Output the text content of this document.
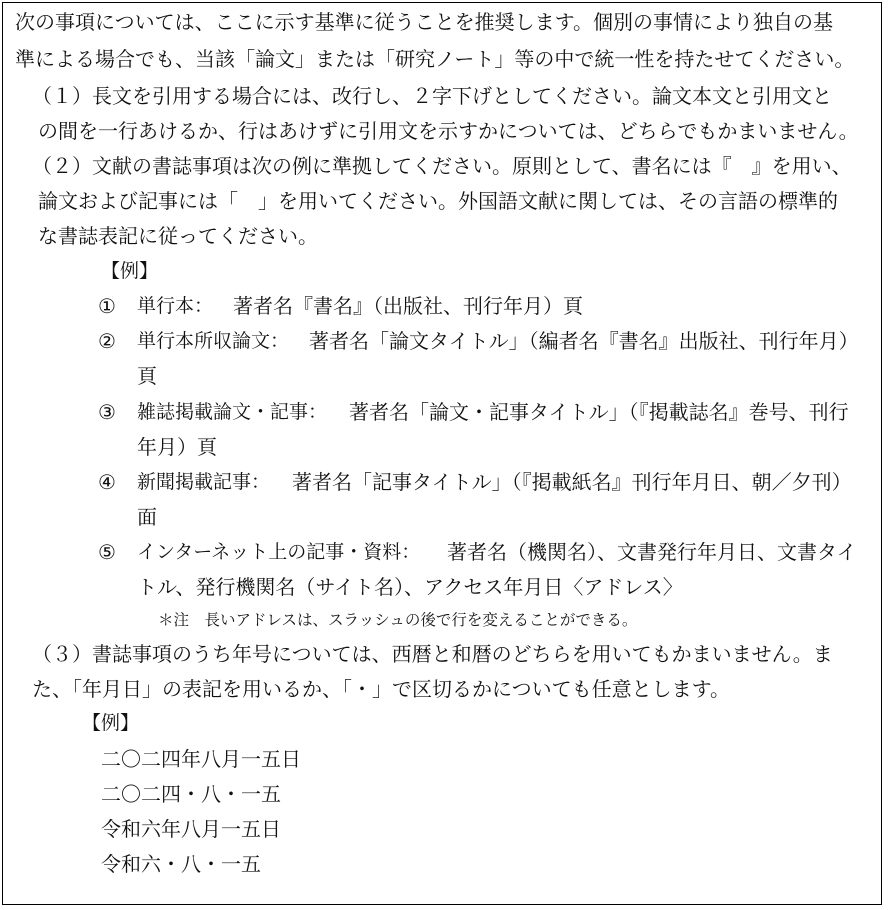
次の事項については、ここに示す基準に従うことを推奨します。個別の事情により独自の基
準による場合でも、当該「論文」または「研究ノート」等の中で統一性を持たせてください。
（１）長文を引用する場合には、改行し、２字下げとしてください。論文本文と引用文と
の間を一行あけるか、行はあけずに引用文を示すかについては、どちらでもかまいません。
（２）文献の書誌事項は次の例に準拠してください。原則として、書名には『　』を用い、
論文および記事には「　」を用いてください。外国語文献に関しては、その言語の標準的
な書誌表記に従ってください。
【例】
① 単行本： 著者名『書名』（出版社、刊行年月）頁
② 単行本所収論文： 著者名「論文タイトル」（編者名『書名』出版社、刊行年月）
頁
③ 雑誌掲載論文・記事： 著者名「論文・記事タイトル」（『掲載誌名』巻号、刊行
年月）頁
④ 新聞掲載記事： 著者名「記事タイトル」（『掲載紙名』刊行年月日、朝／夕刊）
面
⑤ インターネット上の記事・資料： 著者名（機関名）、文書発行年月日、文書タイ
トル、発行機関名（サイト名）、アクセス年月日〈アドレス〉
＊注　長いアドレスは、スラッシュの後で行を変えることができる。
（３）書誌事項のうち年号については、西暦と和暦のどちらを用いてもかまいません。ま
た、「年月日」の表記を用いるか、「・」で区切るかについても任意とします。
【例】
二〇二四年八月一五日
二〇二四・八・一五
令和六年八月一五日
令和六・八・一五
